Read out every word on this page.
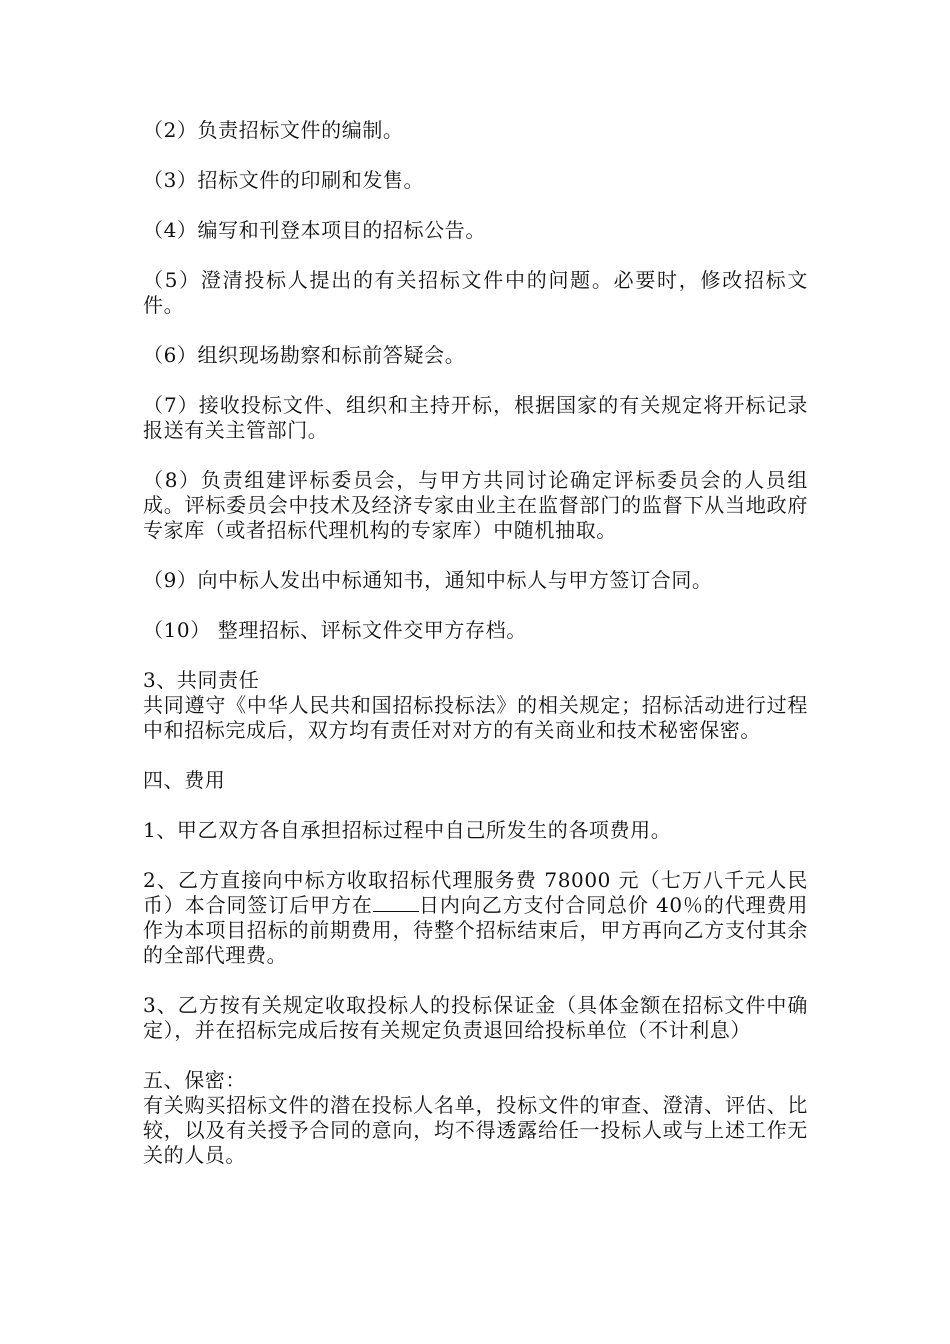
（2）负责招标文件的编制。

（3）招标文件的印刷和发售。

（4）编写和刊登本项目的招标公告。

（5）澄清投标人提出的有关招标文件中的问题。必要时，修改招标文件。

（6）组织现场勘察和标前答疑会。

（7）接收投标文件、组织和主持开标，根据国家的有关规定将开标记录报送有关主管部门。

（8）负责组建评标委员会，与甲方共同讨论确定评标委员会的人员组成。评标委员会中技术及经济专家由业主在监督部门的监督下从当地政府专家库（或者招标代理机构的专家库）中随机抽取。

（9）向中标人发出中标通知书，通知中标人与甲方签订合同。

（10） 整理招标、评标文件交甲方存档。

3、共同责任

共同遵守《中华人民共和国招标投标法》的相关规定；招标活动进行过程中和招标完成后，双方均有责任对对方的有关商业和技术秘密保密。

四、费用

1、甲乙双方各自承担招标过程中自己所发生的各项费用。

2、乙方直接向中标方收取招标代理服务费 78000 元（七万八千元人民币）本合同签订后甲方在 日内向乙方支付合同总价 40％的代理费用作为本项目招标的前期费用，待整个招标结束后，甲方再向乙方支付其余的全部代理费。

3、乙方按有关规定收取投标人的投标保证金（具体金额在招标文件中确定），并在招标完成后按有关规定负责退回给投标单位（不计利息）

五、保密：

有关购买招标文件的潜在投标人名单，投标文件的审查、澄清、评估、比较，以及有关授予合同的意向，均不得透露给任一投标人或与上述工作无关的人员。
